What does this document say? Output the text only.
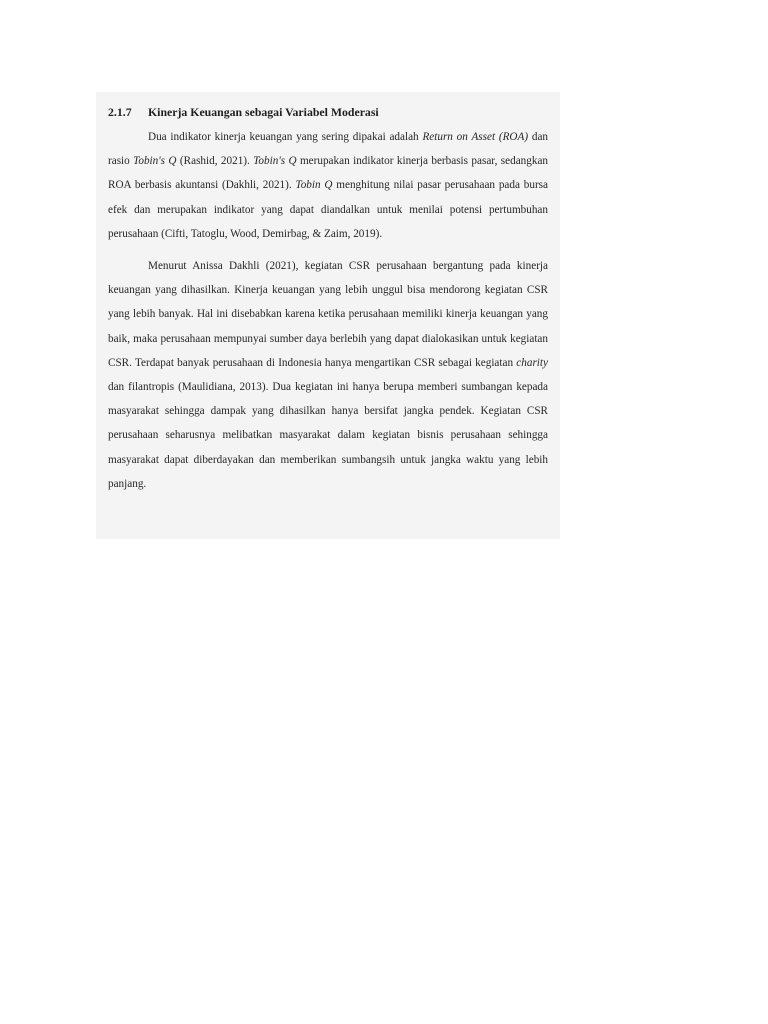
2.1.7 Kinerja Keuangan sebagai Variabel Moderasi

Dua indikator kinerja keuangan yang sering dipakai adalah Return on Asset (ROA) dan rasio Tobin's Q (Rashid, 2021). Tobin's Q merupakan indikator kinerja berbasis pasar, sedangkan ROA berbasis akuntansi (Dakhli, 2021). Tobin Q menghitung nilai pasar perusahaan pada bursa efek dan merupakan indikator yang dapat diandalkan untuk menilai potensi pertumbuhan perusahaan (Cifti, Tatoglu, Wood, Demirbag, & Zaim, 2019).

Menurut Anissa Dakhli (2021), kegiatan CSR perusahaan bergantung pada kinerja keuangan yang dihasilkan. Kinerja keuangan yang lebih unggul bisa mendorong kegiatan CSR yang lebih banyak. Hal ini disebabkan karena ketika perusahaan memiliki kinerja keuangan yang baik, maka perusahaan mempunyai sumber daya berlebih yang dapat dialokasikan untuk kegiatan CSR. Terdapat banyak perusahaan di Indonesia hanya mengartikan CSR sebagai kegiatan charity dan filantropis (Maulidiana, 2013). Dua kegiatan ini hanya berupa memberi sumbangan kepada masyarakat sehingga dampak yang dihasilkan hanya bersifat jangka pendek. Kegiatan CSR perusahaan seharusnya melibatkan masyarakat dalam kegiatan bisnis perusahaan sehingga masyarakat dapat diberdayakan dan memberikan sumbangsih untuk jangka waktu yang lebih panjang.
